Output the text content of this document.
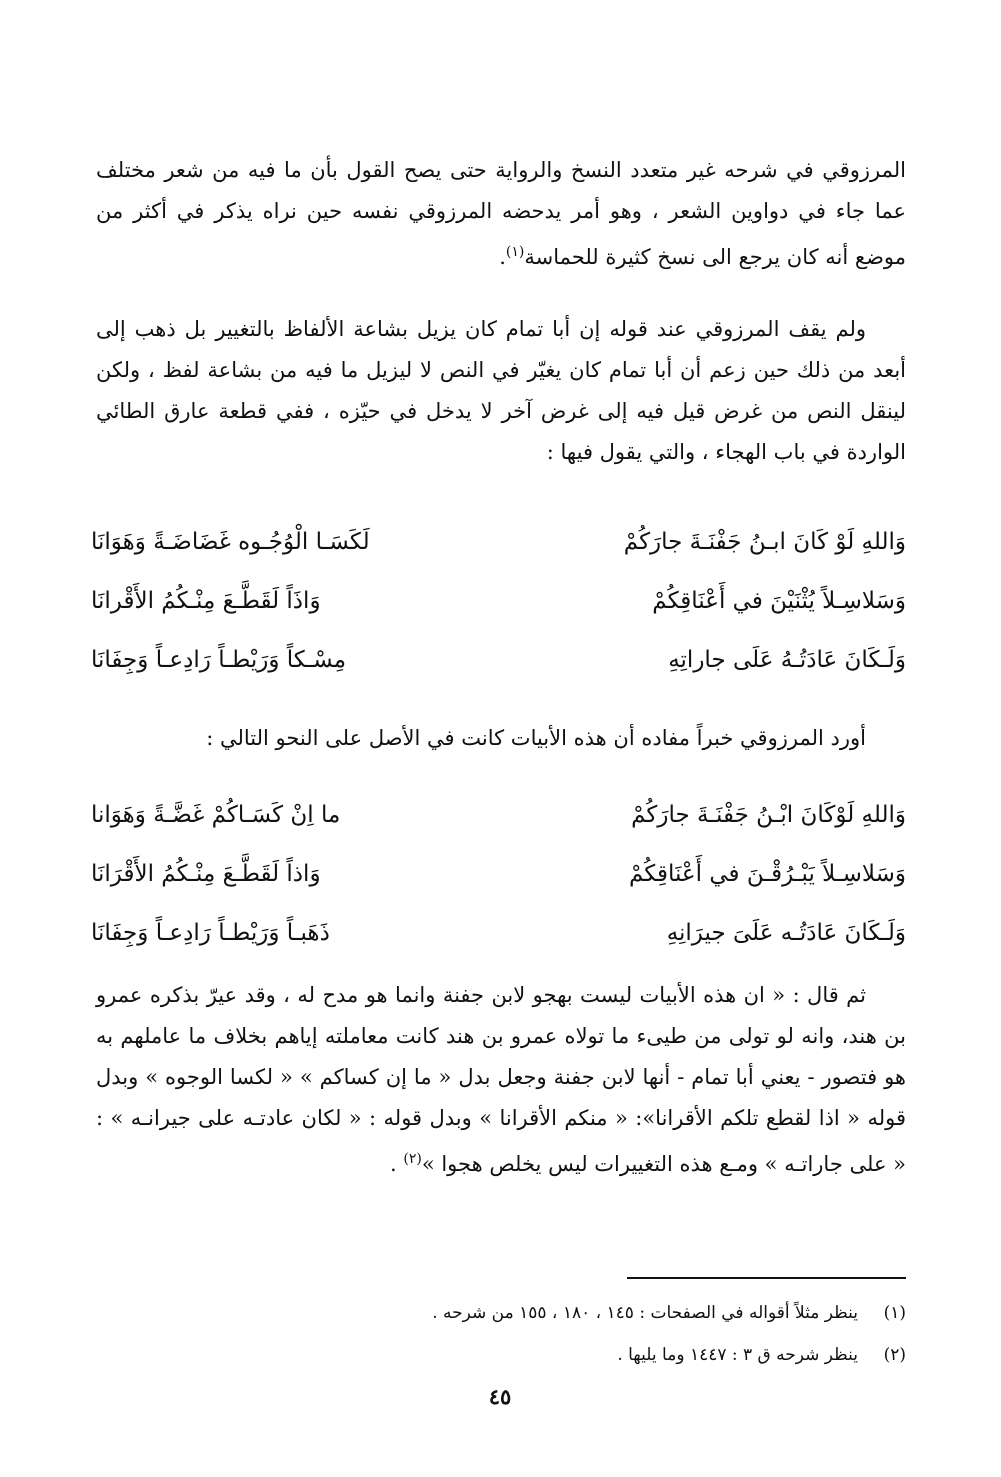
المرزوقي في شرحه غير متعدد النسخ والرواية حتى يصح القول بأن ما فيه من شعر مختلف عما جاء في دواوين الشعر ، وهو أمر يدحضه المرزوقي نفسه حين نراه يذكر في أكثر من موضع أنه كان يرجع الى نسخ كثيرة للحماسة$^{(١)}$.

ولم يقف المرزوقي عند قوله إن أبا تمام كان يزيل بشاعة الألفاظ بالتغيير بل ذهب إلى أبعد من ذلك حين زعم أن أبا تمام كان يغيّر في النص لا ليزيل ما فيه من بشاعة لفظ ، ولكن لينقل النص من غرض قيل فيه إلى غرض آخر لا يدخل في حيّزه ، ففي قطعة عارق الطائي الواردة في باب الهجاء ، والتي يقول فيها :

وَاللهِ لَوْ كَانَ ابـنُ جَفْنَـةَ جارَكُمْ
لَكَسَـا الْوُجُـوه غَضَاضَـةً وَهَوَانَا
وَسَلاسِـلاً يُثْنَيْنَ في أَعْنَاقِكُمْ
وَاذَاً لَقَطَّـعَ مِنْـكُمُ الأَقْرانَا
وَلَـكَانَ عَادَتُـهُ عَلَى جاراتِهِ
مِسْـكاً وَرَيْطـاً رَادِعـاً وَجِفَانَا

أورد المرزوقي خبراً مفاده أن هذه الأبيات كانت في الأصل على النحو التالي :

وَاللهِ لَوْكَانَ ابْـنُ جَفْنَـةَ جارَكُمْ
ما اِنْ كَسَـاكُمْ غَضَّـةً وَهَوَانا
وَسَلاسِـلاً يَبْـرُقْـنَ في أَعْنَاقِكُمْ
وَاذاً لَقَطَّـعَ مِنْـكُمُ الأَقْرَانَا
وَلَـكَانَ عَادَتُـه عَلَىَ جيرَانِهِ
ذَهَبـاً وَرَيْطـاً رَادِعـاً وَجِفَانَا

ثم قال : « ان هذه الأبيات ليست بهجو لابن جفنة وانما هو مدح له ، وقد عيرّ بذكره عمرو بن هند، وانه لو تولى من طيىء ما تولاه عمرو بن هند كانت معاملته إياهم بخلاف ما عاملهم به هو فتصور - يعني أبا تمام - أنها لابن جفنة وجعل بدل « ما إن كساكم » « لكسا الوجوه » وبدل قوله « اذا لقطع تلكم الأقرانا»: « منكم الأقرانا » وبدل قوله : « لكان عادتـه على جيرانـه » : « على جاراتـه » ومـع هذه التغييرات ليس يخلص هجوا »$^{(٢)}$ .

(١)ينظر مثلاً أقواله في الصفحات : ١٤٥ ، ١٨٠ ، ١٥٥ من شرحه .
(٢)ينظر شرحه ق ٣ : ١٤٤٧ وما يليها .
٤٥
